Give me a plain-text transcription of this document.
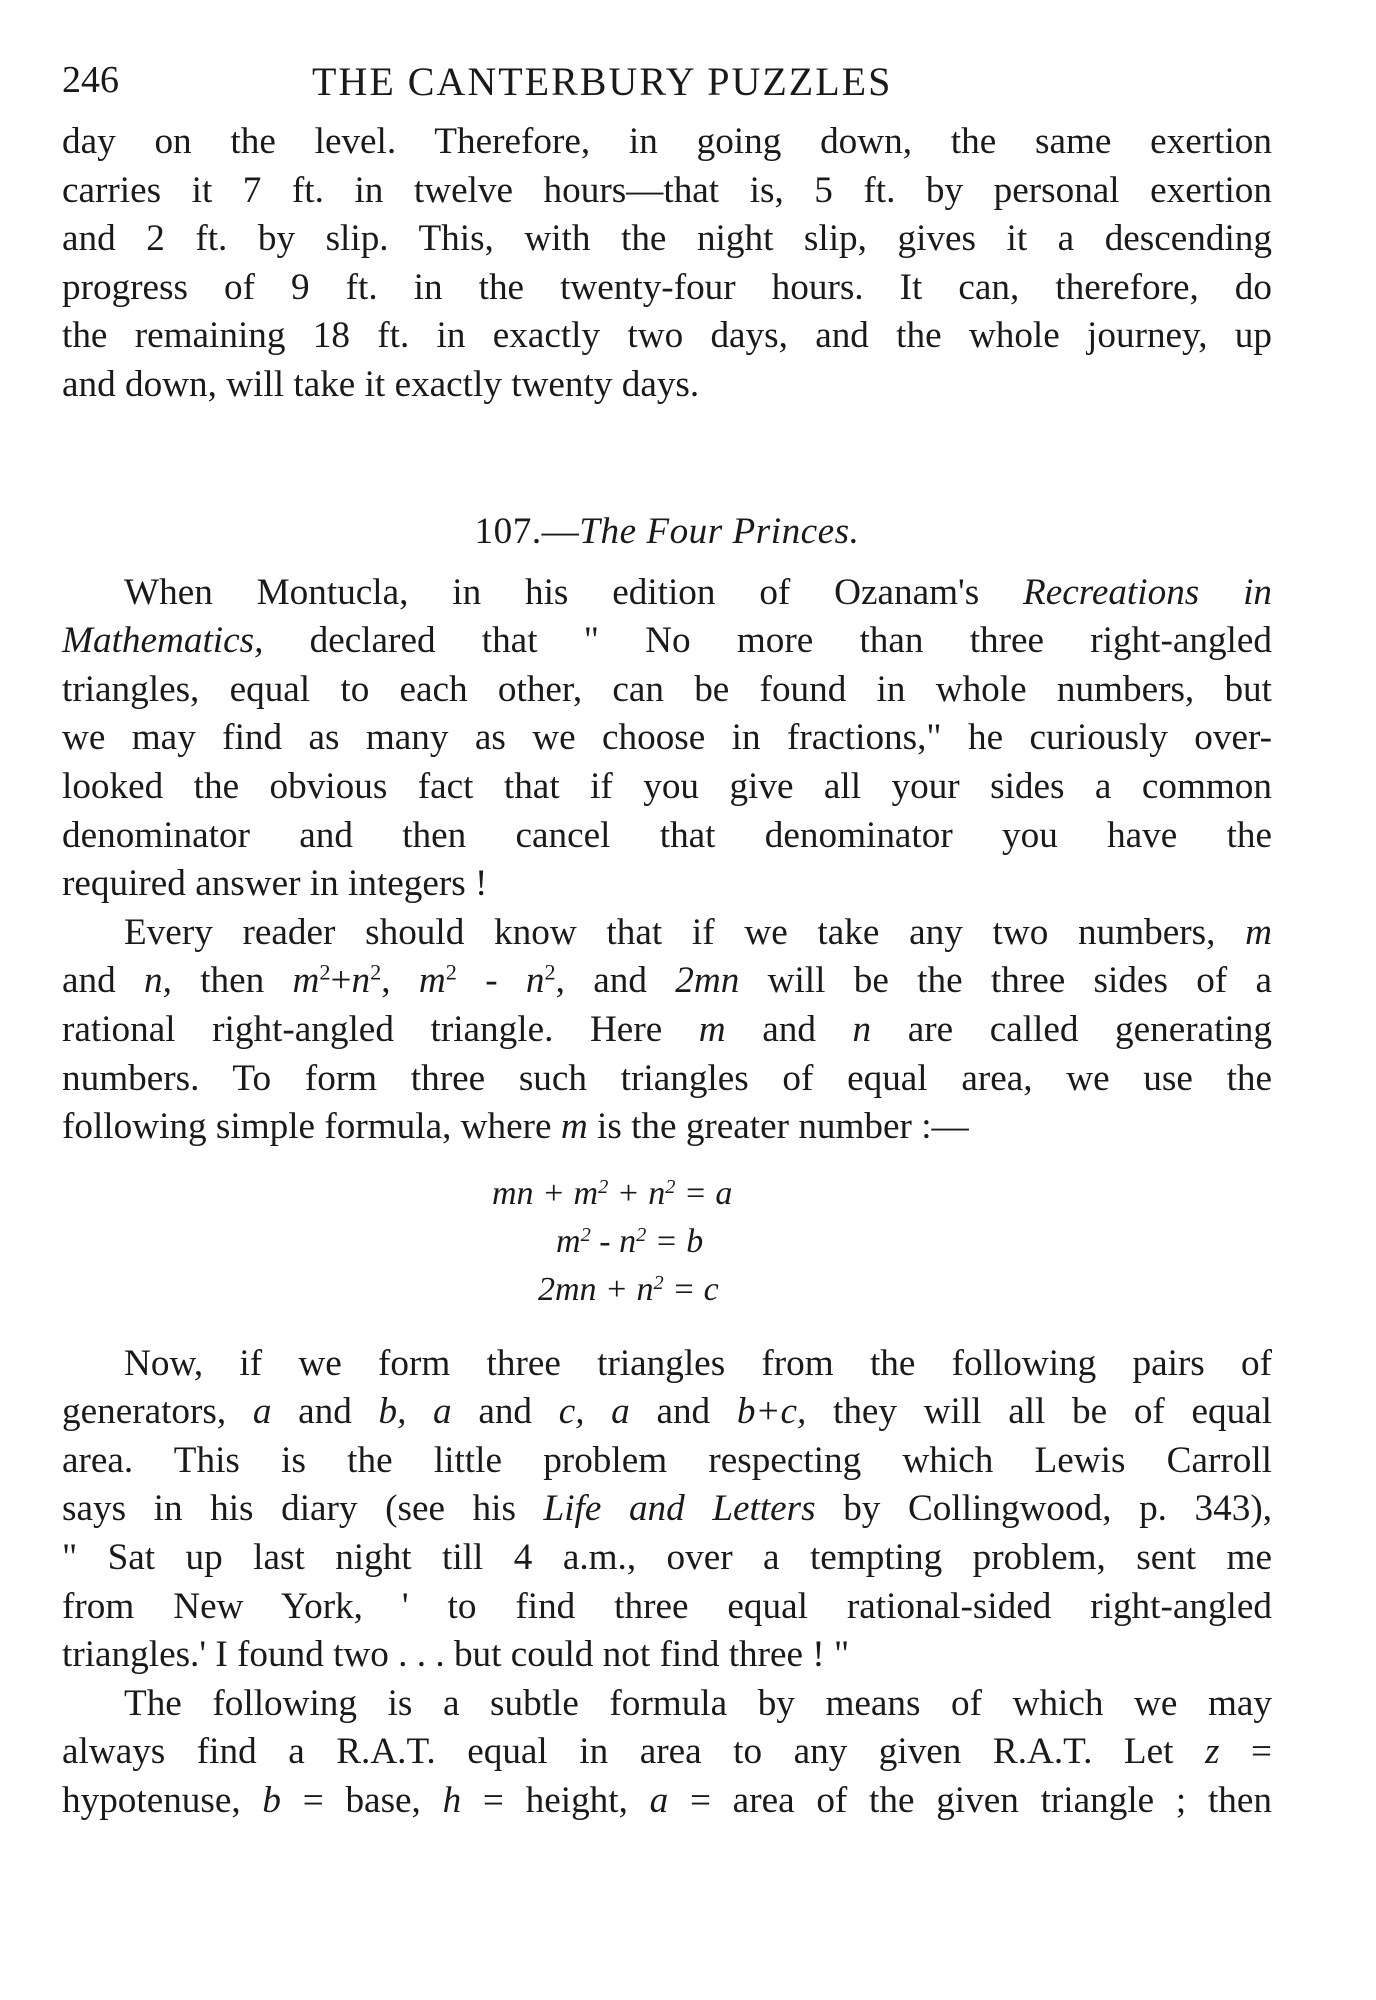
246	THE CANTERBURY PUZZLES
day on the level. Therefore, in going down, the same exertion
carries it 7 ft. in twelve hours—that is, 5 ft. by personal exertion
and 2 ft. by slip. This, with the night slip, gives it a descending
progress of 9 ft. in the twenty-four hours. It can, therefore, do
the remaining 18 ft. in exactly two days, and the whole journey, up
and down, will take it exactly twenty days.
107.—The Four Princes.
When Montucla, in his edition of Ozanam's Recreations in
Mathematics, declared that " No more than three right-angled
triangles, equal to each other, can be found in whole numbers, but
we may find as many as we choose in fractions," he curiously over-
looked the obvious fact that if you give all your sides a common
denominator and then cancel that denominator you have the
required answer in integers !
Every reader should know that if we take any two numbers, m
and n, then $m^2+n^2$, $m^2 - n^2$, and 2mn will be the three sides of a
rational right-angled triangle. Here m and n are called generating
numbers. To form three such triangles of equal area, we use the
following simple formula, where m is the greater number :—
mn + $m^2 + n^2 = a$
$m^2 - n^2 = b$
$2mn + n^2 = c$
Now, if we form three triangles from the following pairs of
generators, a and b, a and c, a and b+c, they will all be of equal
area. This is the little problem respecting which Lewis Carroll
says in his diary (see his Life and Letters by Collingwood, p. 343),
" Sat up last night till 4 a.m., over a tempting problem, sent me
from New York, ' to find three equal rational-sided right-angled
triangles.' I found two . . . but could not find three ! "
The following is a subtle formula by means of which we may
always find a R.A.T. equal in area to any given R.A.T. Let z =
hypotenuse, b = base, h = height, a = area of the given triangle ; then
